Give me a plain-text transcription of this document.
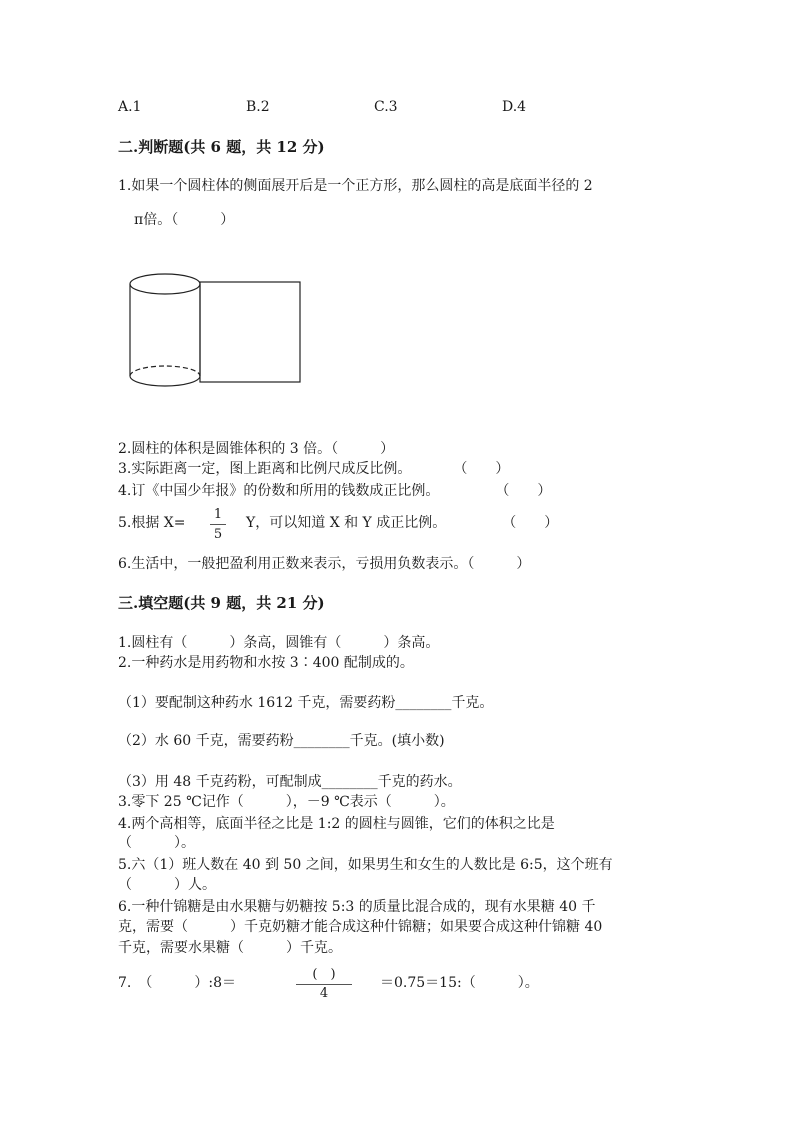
A.1	B.2	C.3	D.4
二.判断题(共 6 题，共 12 分)
1.如果一个圆柱体的侧面展开后是一个正方形，那么圆柱的高是底面半径的 2
π倍。（　　　）
2.圆柱的体积是圆锥体积的 3 倍。（　　　）
3.实际距离一定，图上距离和比例尺成反比例。　　　　（　　）
4.订《中国少年报》的份数和所用的钱数成正比例。　　　　　（　　）
5.根据 X=
1
5
Y，可以知道 X 和 Y 成正比例。　　　　　（　　）
6.生活中，一般把盈利用正数来表示，亏损用负数表示。（　　　）
三.填空题(共 9 题，共 21 分)
1.圆柱有（　　　）条高，圆锥有（　　　）条高。
2.一种药水是用药物和水按 3∶400 配制成的。
（1）要配制这种药水 1612 千克，需要药粉________千克。
（2）水 60 千克，需要药粉________千克。(填小数)
（3）用 48 千克药粉，可配制成________千克的药水。
3.零下 25 ℃记作（　　　），－9 ℃表示（　　　）。
4.两个高相等，底面半径之比是 1:2 的圆柱与圆锥，它们的体积之比是
（　　　）。
5.六（1）班人数在 40 到 50 之间，如果男生和女生的人数比是 6:5，这个班有
（　　　）人。
6.一种什锦糖是由水果糖与奶糖按 5:3 的质量比混合成的，现有水果糖 40 千
克，需要（　　　）千克奶糖才能合成这种什锦糖；如果要合成这种什锦糖 40
千克，需要水果糖（　　　）千克。
7.　（　　　）:8＝
(　)
4
＝0.75＝15:（　　　）。
